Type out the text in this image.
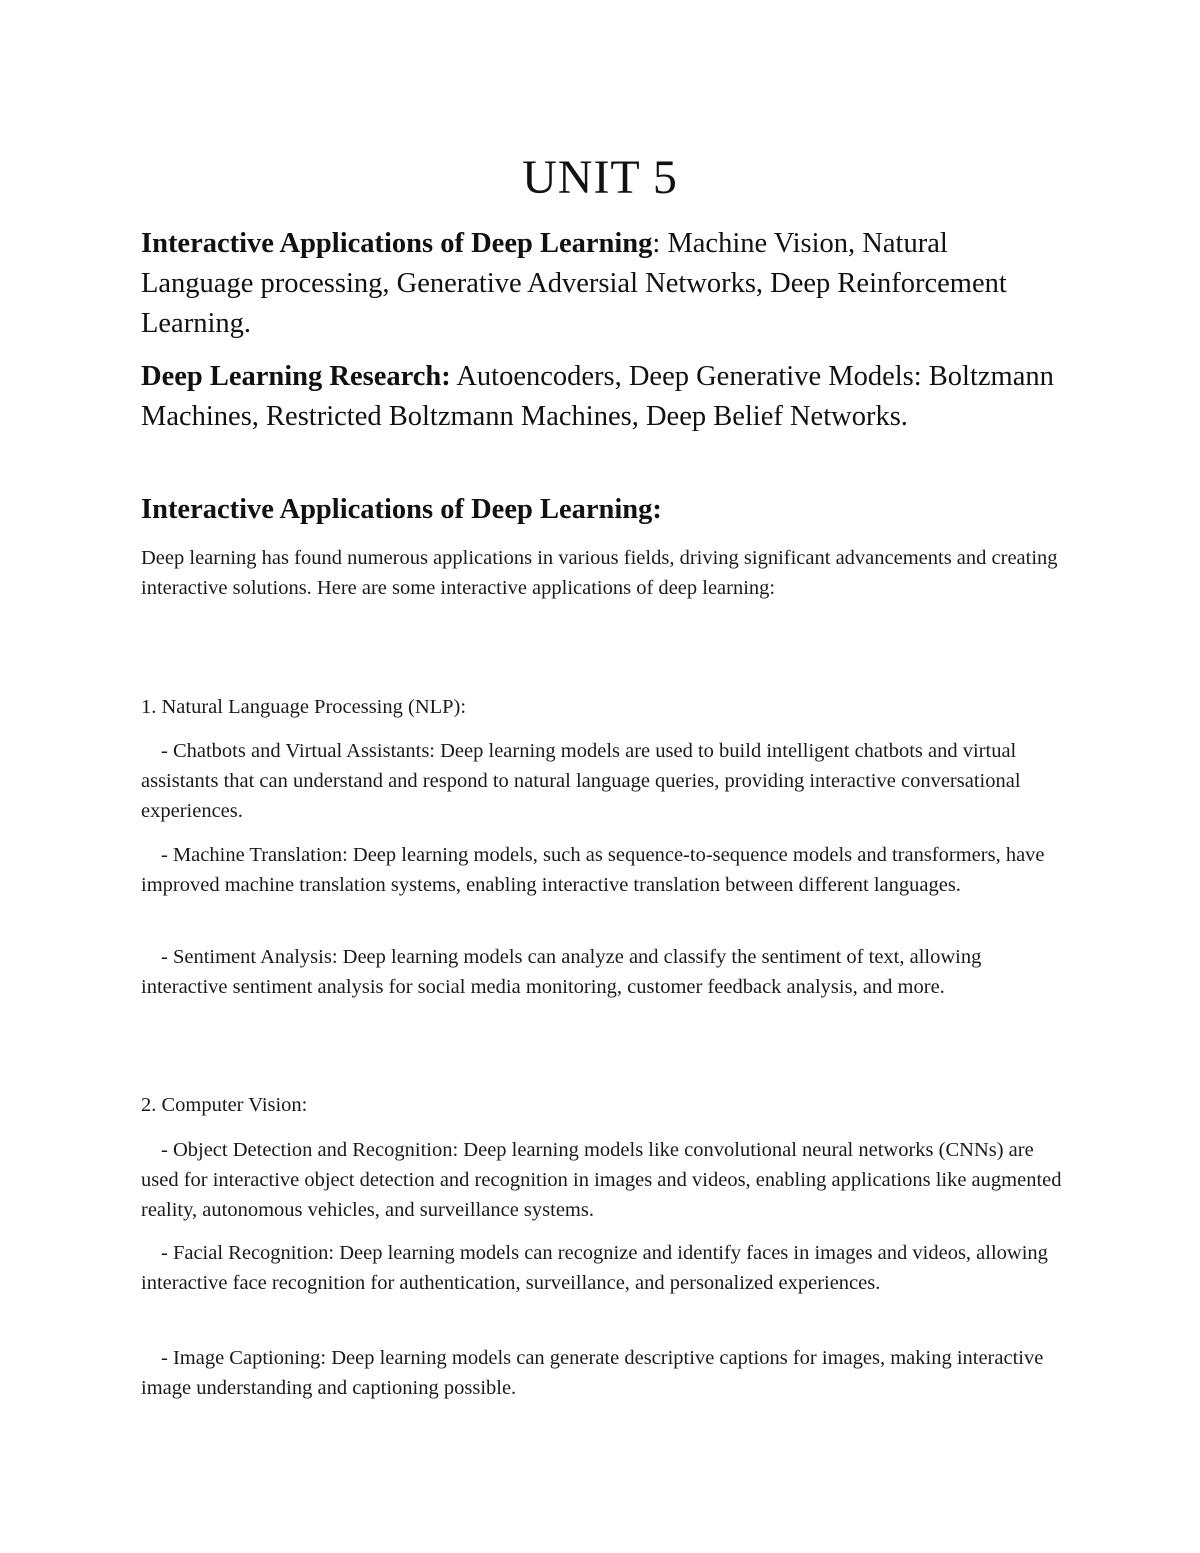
UNIT 5

Interactive Applications of Deep Learning: Machine Vision, Natural Language processing, Generative Adversial Networks, Deep Reinforcement Learning.

Deep Learning Research: Autoencoders, Deep Generative Models: Boltzmann Machines, Restricted Boltzmann Machines, Deep Belief Networks.

Interactive Applications of Deep Learning:

Deep learning has found numerous applications in various fields, driving significant advancements and creating interactive solutions. Here are some interactive applications of deep learning:

1. Natural Language Processing (NLP):

- Chatbots and Virtual Assistants: Deep learning models are used to build intelligent chatbots and virtual assistants that can understand and respond to natural language queries, providing interactive conversational experiences.

- Machine Translation: Deep learning models, such as sequence-to-sequence models and transformers, have improved machine translation systems, enabling interactive translation between different languages.

- Sentiment Analysis: Deep learning models can analyze and classify the sentiment of text, allowing interactive sentiment analysis for social media monitoring, customer feedback analysis, and more.

2. Computer Vision:

- Object Detection and Recognition: Deep learning models like convolutional neural networks (CNNs) are used for interactive object detection and recognition in images and videos, enabling applications like augmented reality, autonomous vehicles, and surveillance systems.

- Facial Recognition: Deep learning models can recognize and identify faces in images and videos, allowing interactive face recognition for authentication, surveillance, and personalized experiences.

- Image Captioning: Deep learning models can generate descriptive captions for images, making interactive image understanding and captioning possible.
